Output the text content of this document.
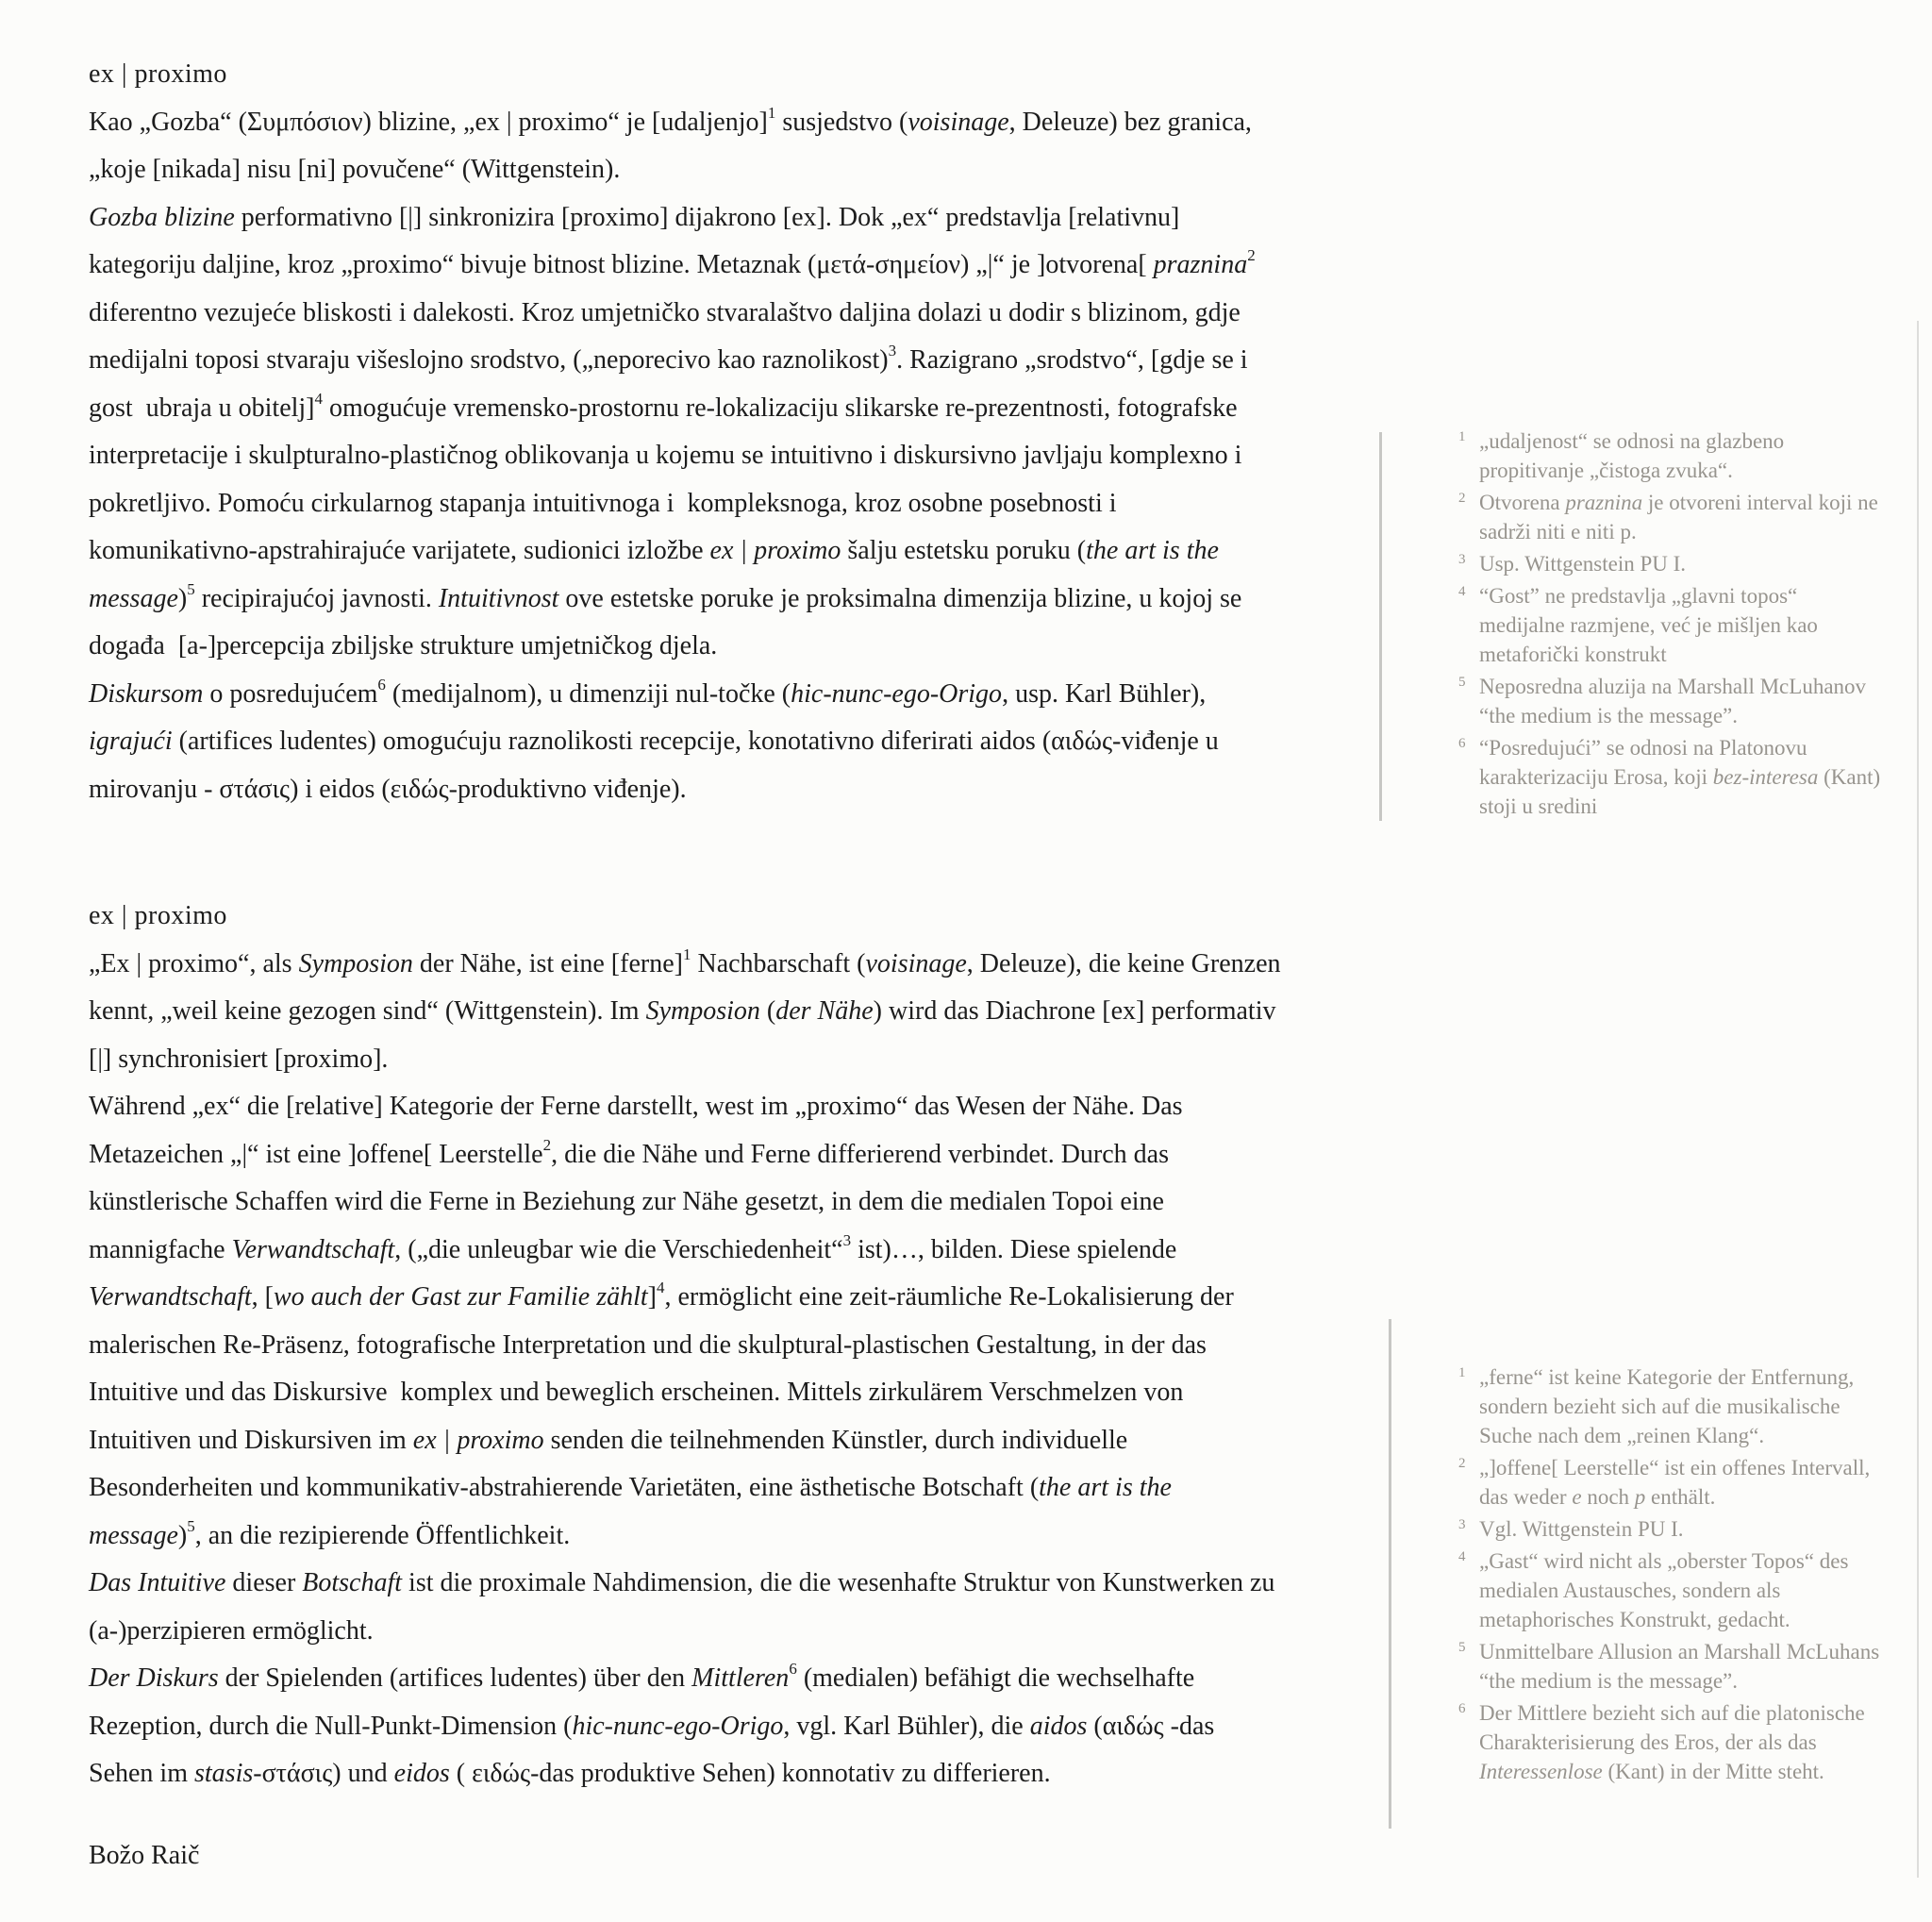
ex | proximo
Kao „Gozba“ (Συμπόσιον) blizine, „ex | proximo“ je [udaljenjo]$^1$ susjedstvo (voisinage, Deleuze) bez granica,
„koje [nikada] nisu [ni] povučene“ (Wittgenstein).
Gozba blizine performativno [|] sinkronizira [proximo] dijakrono [ex]. Dok „ex“ predstavlja [relativnu]
kategoriju daljine, kroz „proximo“ bivuje bitnost blizine. Metaznak (μετά-σημείον) „|“ je ]otvorena[ praznina$^2$
diferentno vezujeće bliskosti i dalekosti. Kroz umjetničko stvaralaštvo daljina dolazi u dodir s blizinom, gdje
medijalni toposi stvaraju višeslojno srodstvo, („neporecivo kao raznolikost)$^3$. Razigrano „srodstvo“, [gdje se i
gost  ubraja u obitelj]$^4$ omogućuje vremensko-prostornu re-lokalizaciju slikarske re-prezentnosti, fotografske
interpretacije i skulpturalno-plastičnog oblikovanja u kojemu se intuitivno i diskursivno javljaju komplexno i
pokretljivo. Pomoću cirkularnog stapanja intuitivnoga i  kompleksnoga, kroz osobne posebnosti i
komunikativno-apstrahirajuće varijatete, sudionici izložbe ex | proximo šalju estetsku poruku (the art is the
message)$^5$ recipirajućoj javnosti. Intuitivnost ove estetske poruke je proksimalna dimenzija blizine, u kojoj se
događa  [a-]percepcija zbiljske strukture umjetničkog djela.
Diskursom o posredujućem$^6$ (medijalnom), u dimenziji nul-točke (hic-nunc-ego-Origo, usp. Karl Bühler),
igrajući (artifices ludentes) omogućuju raznolikosti recepcije, konotativno diferirati aidos (αιδώς-viđenje u
mirovanju - στάσις) i eidos (ειδώς-produktivno viđenje).
ex | proximo
„Ex | proximo“, als Symposion der Nähe, ist eine [ferne]$^1$ Nachbarschaft (voisinage, Deleuze), die keine Grenzen
kennt, „weil keine gezogen sind“ (Wittgenstein). Im Symposion (der Nähe) wird das Diachrone [ex] performativ
[|] synchronisiert [proximo].
Während „ex“ die [relative] Kategorie der Ferne darstellt, west im „proximo“ das Wesen der Nähe. Das
Metazeichen „|“ ist eine ]offene[ Leerstelle$^2$, die die Nähe und Ferne differierend verbindet. Durch das
künstlerische Schaffen wird die Ferne in Beziehung zur Nähe gesetzt, in dem die medialen Topoi eine
mannigfache Verwandtschaft, („die unleugbar wie die Verschiedenheit“$^3$ ist)…, bilden. Diese spielende
Verwandtschaft, [wo auch der Gast zur Familie zählt]$^4$, ermöglicht eine zeit-räumliche Re-Lokalisierung der
malerischen Re-Präsenz, fotografische Interpretation und die skulptural-plastischen Gestaltung, in der das
Intuitive und das Diskursive  komplex und beweglich erscheinen. Mittels zirkulärem Verschmelzen von
Intuitiven und Diskursiven im ex | proximo senden die teilnehmenden Künstler, durch individuelle
Besonderheiten und kommunikativ-abstrahierende Varietäten, eine ästhetische Botschaft (the art is the
message)$^5$, an die rezipierende Öffentlichkeit.
Das Intuitive dieser Botschaft ist die proximale Nahdimension, die die wesenhafte Struktur von Kunstwerken zu
(a-)perzipieren ermöglicht.
Der Diskurs der Spielenden (artifices ludentes) über den Mittleren$^6$ (medialen) befähigt die wechselhafte
Rezeption, durch die Null-Punkt-Dimension (hic-nunc-ego-Origo, vgl. Karl Bühler), die aidos (αιδώς -das
Sehen im stasis-στάσις) und eidos ( ειδώς-das produktive Sehen) konnotativ zu differieren.
1 „udaljenost“ se odnosi na glazbeno propitivanje „čistoga zvuka“.
2 Otvorena praznina je otvoreni interval koji ne sadrži niti e niti p.
3 Usp. Wittgenstein PU I.
4 “Gost” ne predstavlja „glavni topos“ medijalne razmjene, već je mišljen kao metaforički konstrukt
5 Neposredna aluzija na Marshall McLuhanov “the medium is the message”.
6 “Posredujući” se odnosi na Platonovu karakterizaciju Erosa, koji bez-interesa (Kant) stoji u sredini
1 „ferne“ ist keine Kategorie der Entfernung, sondern bezieht sich auf die musikalische Suche nach dem „reinen Klang“.
2 „]offene[ Leerstelle“ ist ein offenes Intervall, das weder e noch p enthält.
3 Vgl. Wittgenstein PU I.
4 „Gast“ wird nicht als „oberster Topos“ des medialen Austausches, sondern als metaphorisches Konstrukt, gedacht.
5 Unmittelbare Allusion an Marshall McLuhans “the medium is the message”.
6 Der Mittlere bezieht sich auf die platonische Charakterisierung des Eros, der als das Interessenlose (Kant) in der Mitte steht.
Božo Raič
